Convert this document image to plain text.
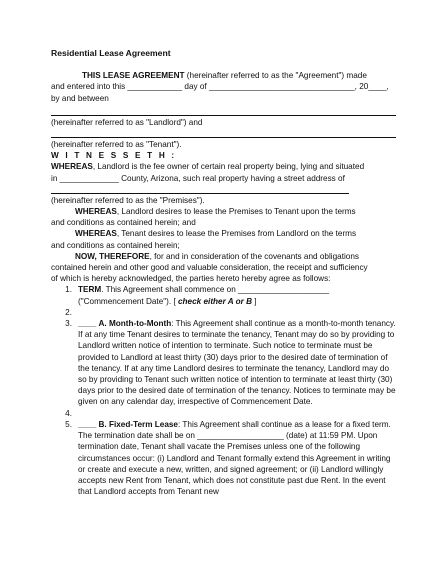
Residential Lease Agreement

THIS LEASE AGREEMENT (hereinafter referred to as the "Agreement") made

and entered into this ____________ day of ________________________________, 20____,

by and between

(hereinafter referred to as "Landlord") and

(hereinafter referred to as "Tenant").

W I T N E S S E T H :

WHEREAS, Landlord is the fee owner of certain real property being, lying and situated

in _____________ County, Arizona, such real property having a street address of

(hereinafter referred to as the "Premises").

WHEREAS, Landlord desires to lease the Premises to Tenant upon the terms

and conditions as contained herein; and

WHEREAS, Tenant desires to lease the Premises from Landlord on the terms

and conditions as contained herein;

NOW, THEREFORE, for and in consideration of the covenants and obligations

contained herein and other good and valuable consideration, the receipt and sufficiency

of which is hereby acknowledged, the parties hereto hereby agree as follows:

1. TERM. This Agreement shall commence on ____________________
("Commencement Date"). [ check either A or B ]
2.

3. ____ A. Month-to-Month: This Agreement shall continue as a month-to-month tenancy. If at any time Tenant desires to terminate the tenancy, Tenant may do so by providing to Landlord written notice of intention to terminate. Such notice to terminate must be provided to Landlord at least thirty (30) days prior to the desired date of termination of the tenancy. If at any time Landlord desires to terminate the tenancy, Landlord may do so by providing to Tenant such written notice of intention to terminate at least thirty (30) days prior to the desired date of termination of the tenancy. Notices to terminate may be given on any calendar day, irrespective of Commencement Date.
4.

5. ____ B. Fixed-Term Lease: This Agreement shall continue as a lease for a fixed term. The termination date shall be on ___________________ (date) at 11:59 PM. Upon termination date, Tenant shall vacate the Premises unless one of the following circumstances occur: (i) Landlord and Tenant formally extend this Agreement in writing or create and execute a new, written, and signed agreement; or (ii) Landlord willingly accepts new Rent from Tenant, which does not constitute past due Rent. In the event that Landlord accepts from Tenant new
